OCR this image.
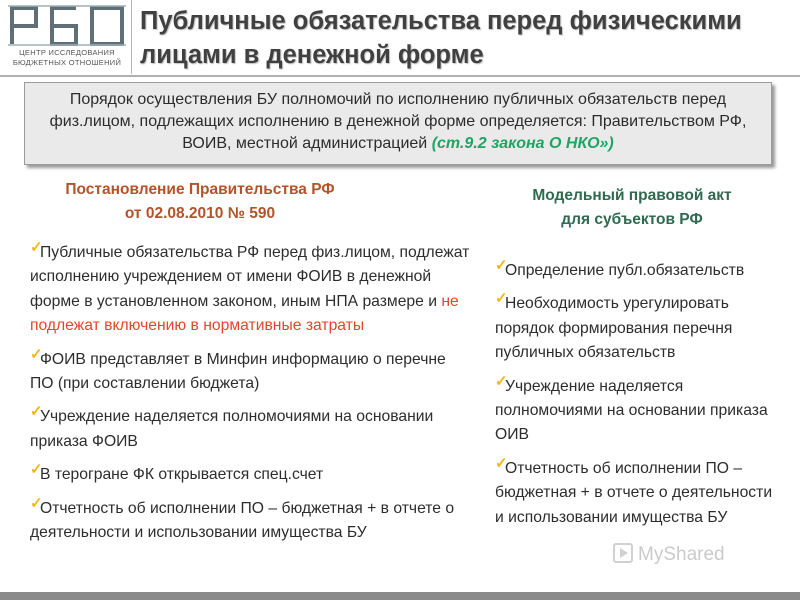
ЦЕНТР ИССЛЕДОВАНИЯ
БЮДЖЕТНЫХ ОТНОШЕНИЙ
Публичные обязательства перед физическими
лицами в денежной форме
Порядок осуществления БУ полномочий по исполнению публичных обязательств перед физ.лицом, подлежащих исполнению в денежной форме определяется: Правительством РФ, ВОИВ, местной администрацией (ст.9.2 закона О НКО»)
Постановление Правительства РФ
от 02.08.2010 № 590
✓
Публичные обязательства РФ перед физ.лицом, подлежат исполнению учреждением от имени ФОИВ в денежной форме в установленном законом, иным НПА размере и не подлежат включению в нормативные затраты
✓
ФОИВ представляет в Минфин информацию о перечне ПО (при составлении бюджета)
✓
Учреждение наделяется полномочиями на основании приказа ФОИВ
✓
В терогране ФК открывается спец.счет
✓
Отчетность об исполнении ПО – бюджетная + в отчете о деятельности и использовании имущества БУ
Модельный правовой акт
для субъектов РФ
✓
Определение публ.обязательств
✓
Необходимость урегулировать порядок формирования перечня публичных обязательств
✓
Учреждение наделяется полномочиями на основании приказа ОИВ
✓
Отчетность об исполнении ПО – бюджетная + в отчете о деятельности и использовании имущества БУ
MyShared
